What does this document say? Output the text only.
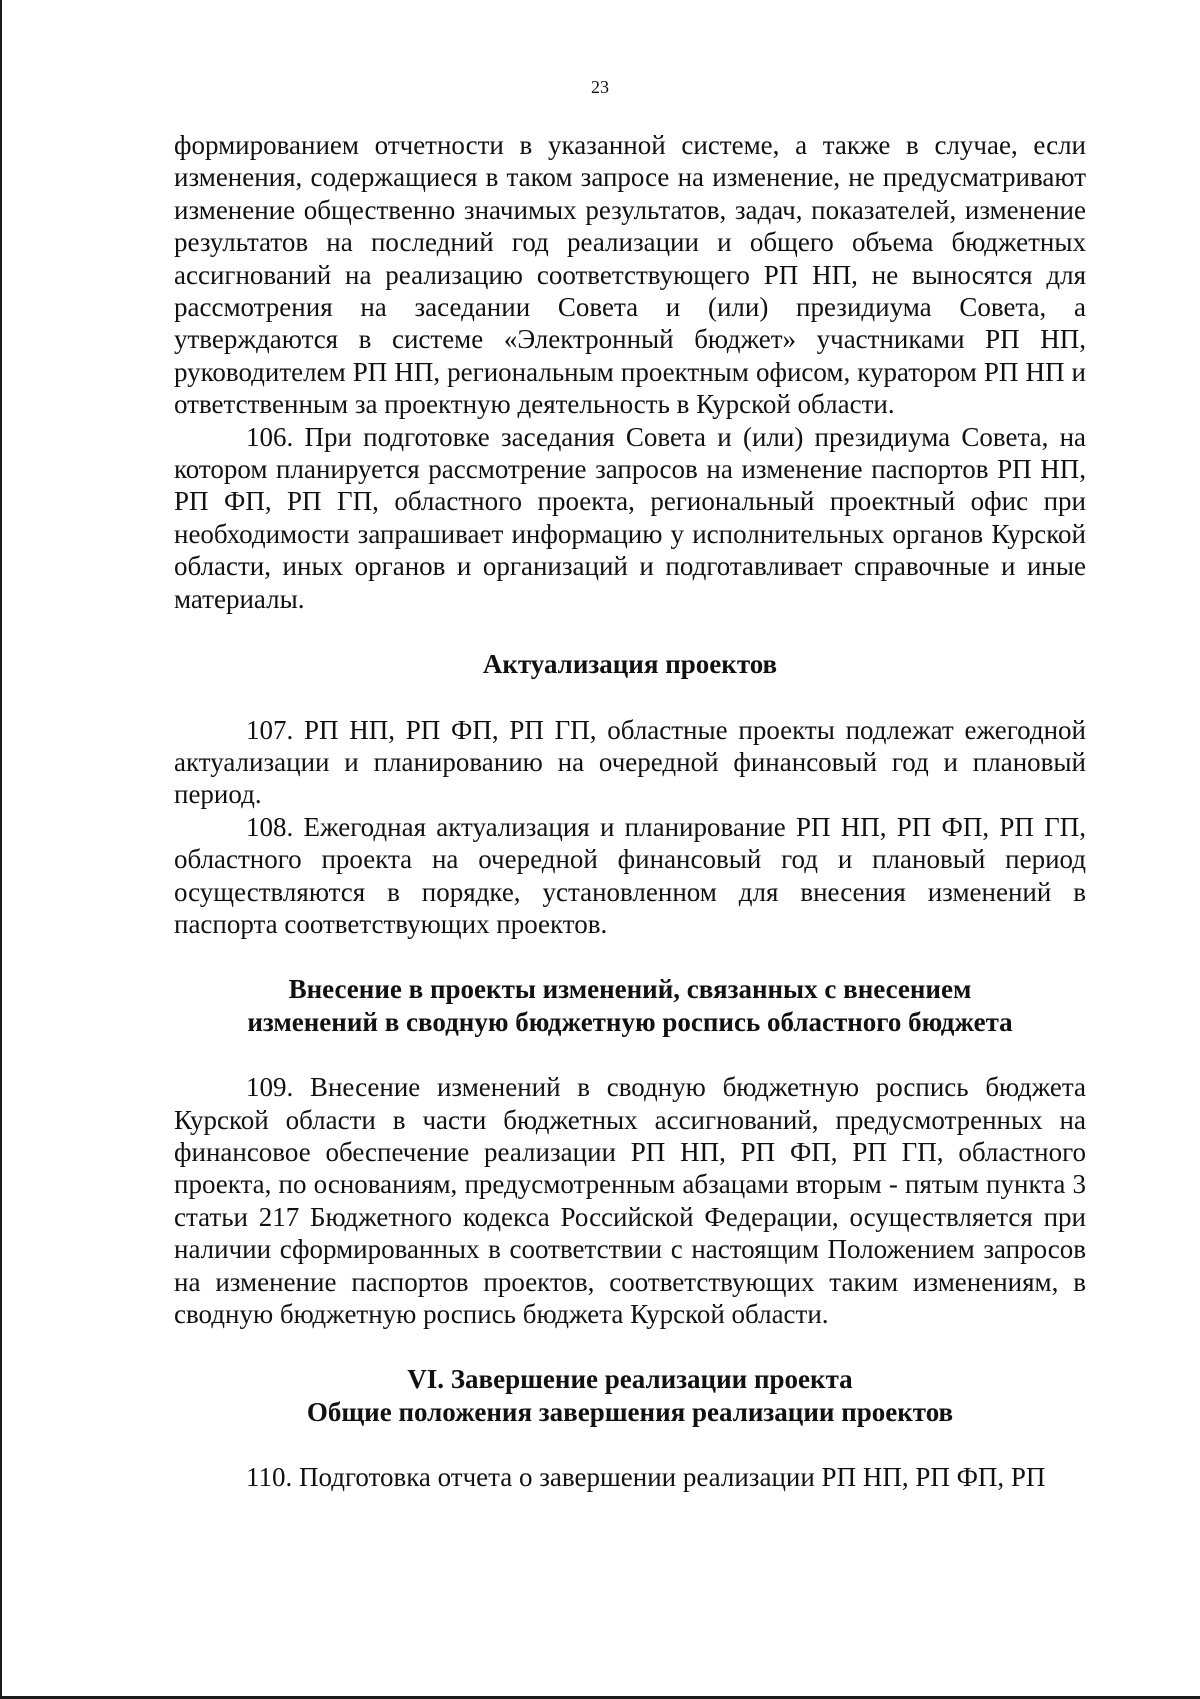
23

формированием отчетности в указанной системе, а также в случае, если изменения, содержащиеся в таком запросе на изменение, не предусматривают изменение общественно значимых результатов, задач, показателей, изменение результатов на последний год реализации и общего объема бюджетных ассигнований на реализацию соответствующего РП НП, не выносятся для рассмотрения на заседании Совета и (или) президиума Совета, а утверждаются в системе «Электронный бюджет» участниками РП НП, руководителем РП НП, региональным проектным офисом, куратором РП НП и ответственным за проектную деятельность в Курской области.

106. При подготовке заседания Совета и (или) президиума Совета, на котором планируется рассмотрение запросов на изменение паспортов РП НП, РП ФП, РП ГП, областного проекта, региональный проектный офис при необходимости запрашивает информацию у исполнительных органов Курской области, иных органов и организаций и подготавливает справочные и иные материалы.

Актуализация проектов

107. РП НП, РП ФП, РП ГП, областные проекты подлежат ежегодной актуализации и планированию на очередной финансовый год и плановый период.

108. Ежегодная актуализация и планирование РП НП, РП ФП, РП ГП, областного проекта на очередной финансовый год и плановый период осуществляются в порядке, установленном для внесения изменений в паспорта соответствующих проектов.

Внесение в проекты изменений, связанных с внесением

изменений в сводную бюджетную роспись областного бюджета

109. Внесение изменений в сводную бюджетную роспись бюджета Курской области в части бюджетных ассигнований, предусмотренных на финансовое обеспечение реализации РП НП, РП ФП, РП ГП, областного проекта, по основаниям, предусмотренным абзацами вторым - пятым пункта 3 статьи 217 Бюджетного кодекса Российской Федерации, осуществляется при наличии сформированных в соответствии с настоящим Положением запросов на изменение паспортов проектов, соответствующих таким изменениям, в сводную бюджетную роспись бюджета Курской области.

VI. Завершение реализации проекта

Общие положения завершения реализации проектов

110. Подготовка отчета о завершении реализации РП НП, РП ФП, РП
